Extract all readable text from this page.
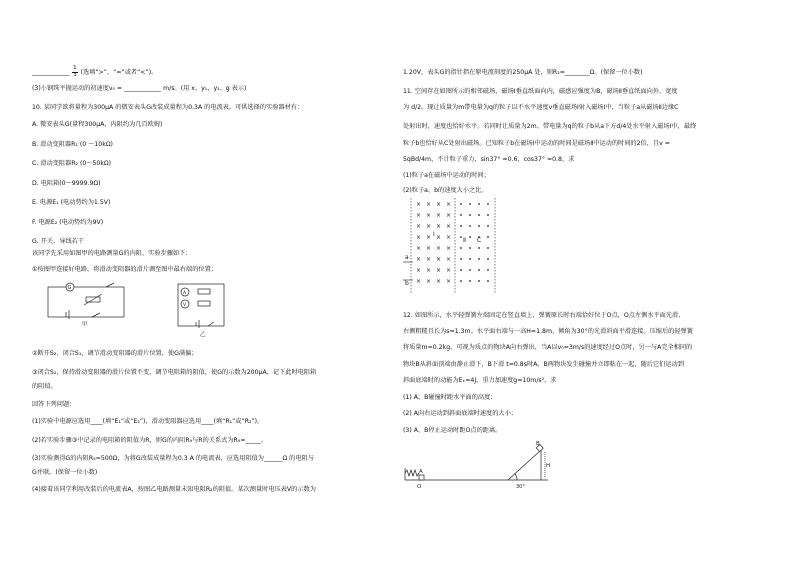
____________ $\frac{1}{3}$ (选填“>”、“=”或者“<”)。
(3)小钢珠平抛运动的初速度v₀ = ____________ m/s。(用 x、y₁、y₂、g 表示)
10. 某同学欲将量程为300μA 的微安表头G改装成量程为0.3A 的电流表。可供选择的实验器材有：
A. 微安表头G(量程300μA，内阻约为几百欧姆)
B. 滑动变阻器R₁ (0 ～10kΩ)
C. 滑动变阻器R₂ (0～50kΩ)
D. 电阻箱(0～9999.9Ω)
E. 电源E₁ (电动势约为1.5V)
F. 电源E₂ (电动势约为9V)
G. 开关、导线若干
该同学先采用如图甲的电路测量G的内阻，实验步骤如下：
①按图甲连接好电路，将滑动变阻器的滑片调至图中最右端的位置；
G
甲
A
V
乙
②断开S₂，闭合S₁，调节滑动变阻器的滑片位置，使G满偏；
③闭合S₂，保持滑动变阻器的滑片位置不变，调节电阻箱的阻值，使G的示数为200μA，记下此时电阻箱
的阻值。
回答下列问题：
(1)实验中电源应选用____(填“E₁”或“E₂”)，滑动变阻器应选用____(填“R₁”或“R₂”)。
(2)若实验步骤③中记录的电阻箱的阻值为R，则G的内阻R₉与R的关系式为R₉=_____。
(3)实验测得G的内阻R₉=500Ω，为将G改装成量程为0.3 A 的电流表，应选用阻值为______Ω 的电阻与
G并联。(保留一位小数)
(4)接着该同学利用改装后的电流表A，按图乙电路测量未知电阻R₂的阻值。某次测量时电压表V的示数为
1.20V，表头G的指针指在原电流刻度的250μA 处，则R₂=________Ω。(保留一位小数)
11. 空间存在如图所示的相邻磁场，磁场Ⅰ垂直纸面向内，磁感应强度为B，磁场Ⅱ垂直纸面向外，宽度
为 d/2。现让质量为m带电量为q的粒子以不水平速度v垂直磁场Ⅰ射入磁场Ⅰ中，当粒子a从磁场Ⅱ边缘C
处射出时，速度也恰好水平。若同时让质量为2m、带电量为q的粒子b从a下方d/4处水平射入磁场Ⅰ中，最终
粒子b也恰好从C处射出磁场。已知粒子b在磁场Ⅰ中运动的时间是磁场Ⅱ中运动的时间的2倍，且v =
5qBd/4m，不计粒子重力，sin37° =0.6，cos37° =0.8，求
(1)粒子a在磁场中运动的时间；
(2)粒子a、b的速度大小之比。
× × × ×
× × × ×
× × × ×
× × × ×
× × × ×
× × × ×
× × × ×
× × × ×
Ⅰ
Ⅱ C
a
b
12. 如图所示，水平轻弹簧左端固定在竖直墙上，弹簧原长时右端恰好位于O点，O点左侧水平面光滑、
右侧粗糙且长为s=1.3m。水平面右端与一高H=1.8m、倾角为30°的光滑斜面平滑连接。压缩后的轻弹簧
将质量m=0.2kg、可视为质点的物块A向右弹出，当A以v₀=3m/s的速度经过O点时，另一与A完全相同的
物块B从斜面顶端由静止滑下，B下滑 t=0.8s时A、B两物块发生碰撞并立即粘在一起，随后它们运动到
斜面底端时的动能为Eₖ=4J，重力加速度g=10m/s²，求
(1) A、B碰撞时距水平面的高度；
(2) A向右运动到斜面底端时速度的大小；
(3) A、B停止运动时距O点的距离。
A
B
O
H
30°
